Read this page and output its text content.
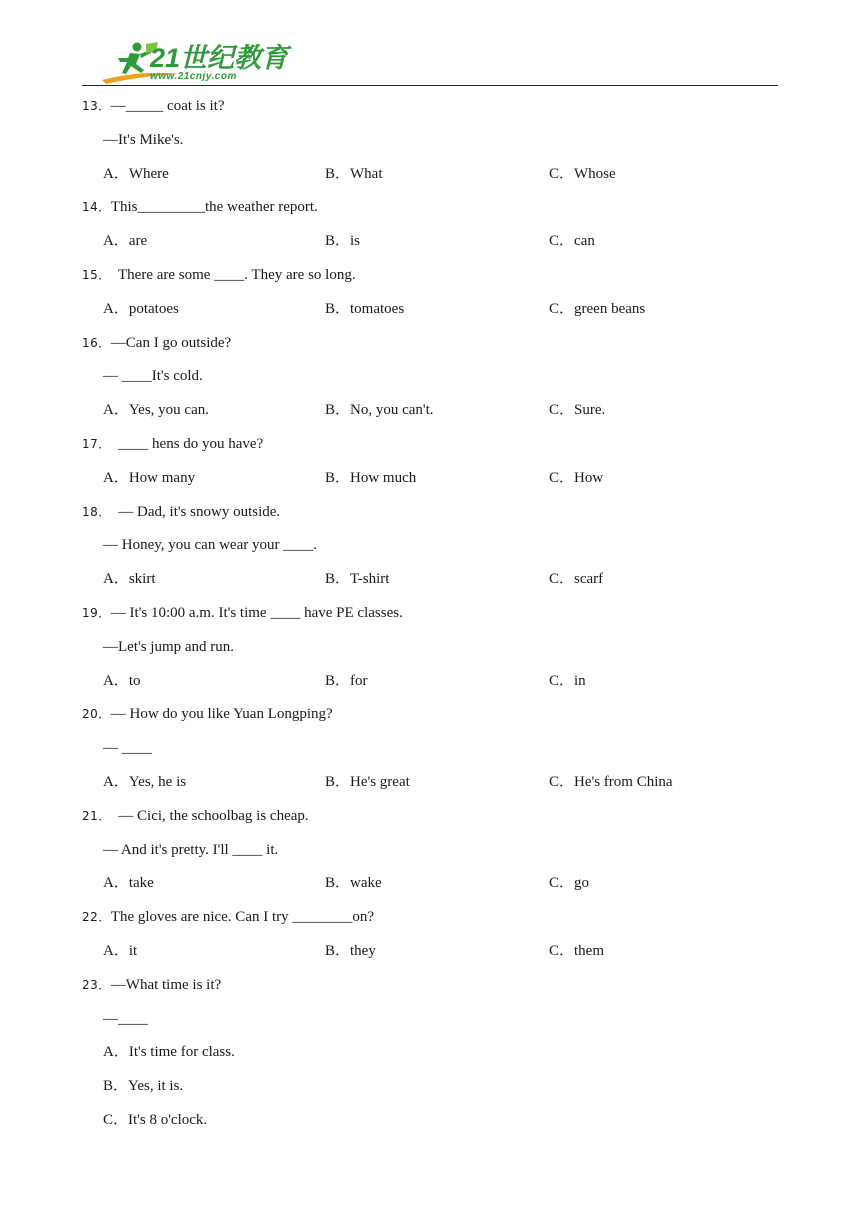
21世纪教育
www.21cnjy.com
13．—_____ coat is it?
—It's Mike's.
A．Where	B．What	C．Whose
14．This_________the weather report.
A．are	B．is	C．can
15．  There are some ____. They are so long.
A．potatoes	B．tomatoes	C．green beans
16．—Can I go outside?
— ____It's cold.
A．Yes, you can.	B．No, you can't.	C．Sure.
17．  ____ hens do you have?
A．How many	B．How much	C．How
18．  — Dad, it's snowy outside.
— Honey, you can wear your ____.
A．skirt	B．T-shirt	C．scarf
19．— It's 10:00 a.m. It's time ____ have PE classes.
—Let's jump and run.
A．to	B．for	C．in
20．— How do you like Yuan Longping?
— ____
A．Yes, he is	B．He's great	C．He's from China
21．  — Cici, the schoolbag is cheap.
— And it's pretty. I'll ____ it.
A．take	B．wake	C．go
22．The gloves are nice. Can I try ________on?
A．it	B．they	C．them
23．—What time is it?
—____
A．It's time for class.
B．Yes, it is.
C．It's 8 o'clock.
